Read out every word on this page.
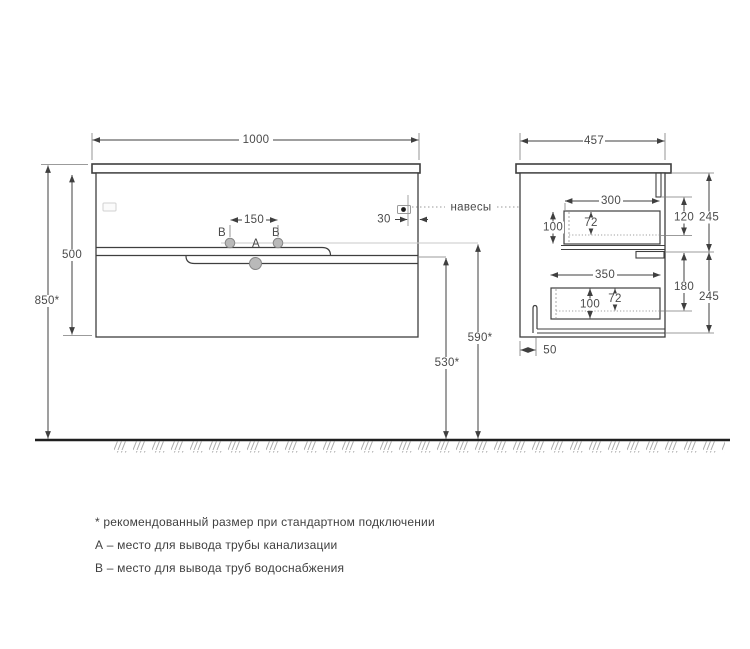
В	В
А
1000
850*
500
150	30
навесы
590*
530*
457
300
100 72	120 245
350
100 72
180
245
50
* рекомендованный размер при стандартном подключении
А – место для вывода трубы канализации
В – место для вывода труб водоснабжения
